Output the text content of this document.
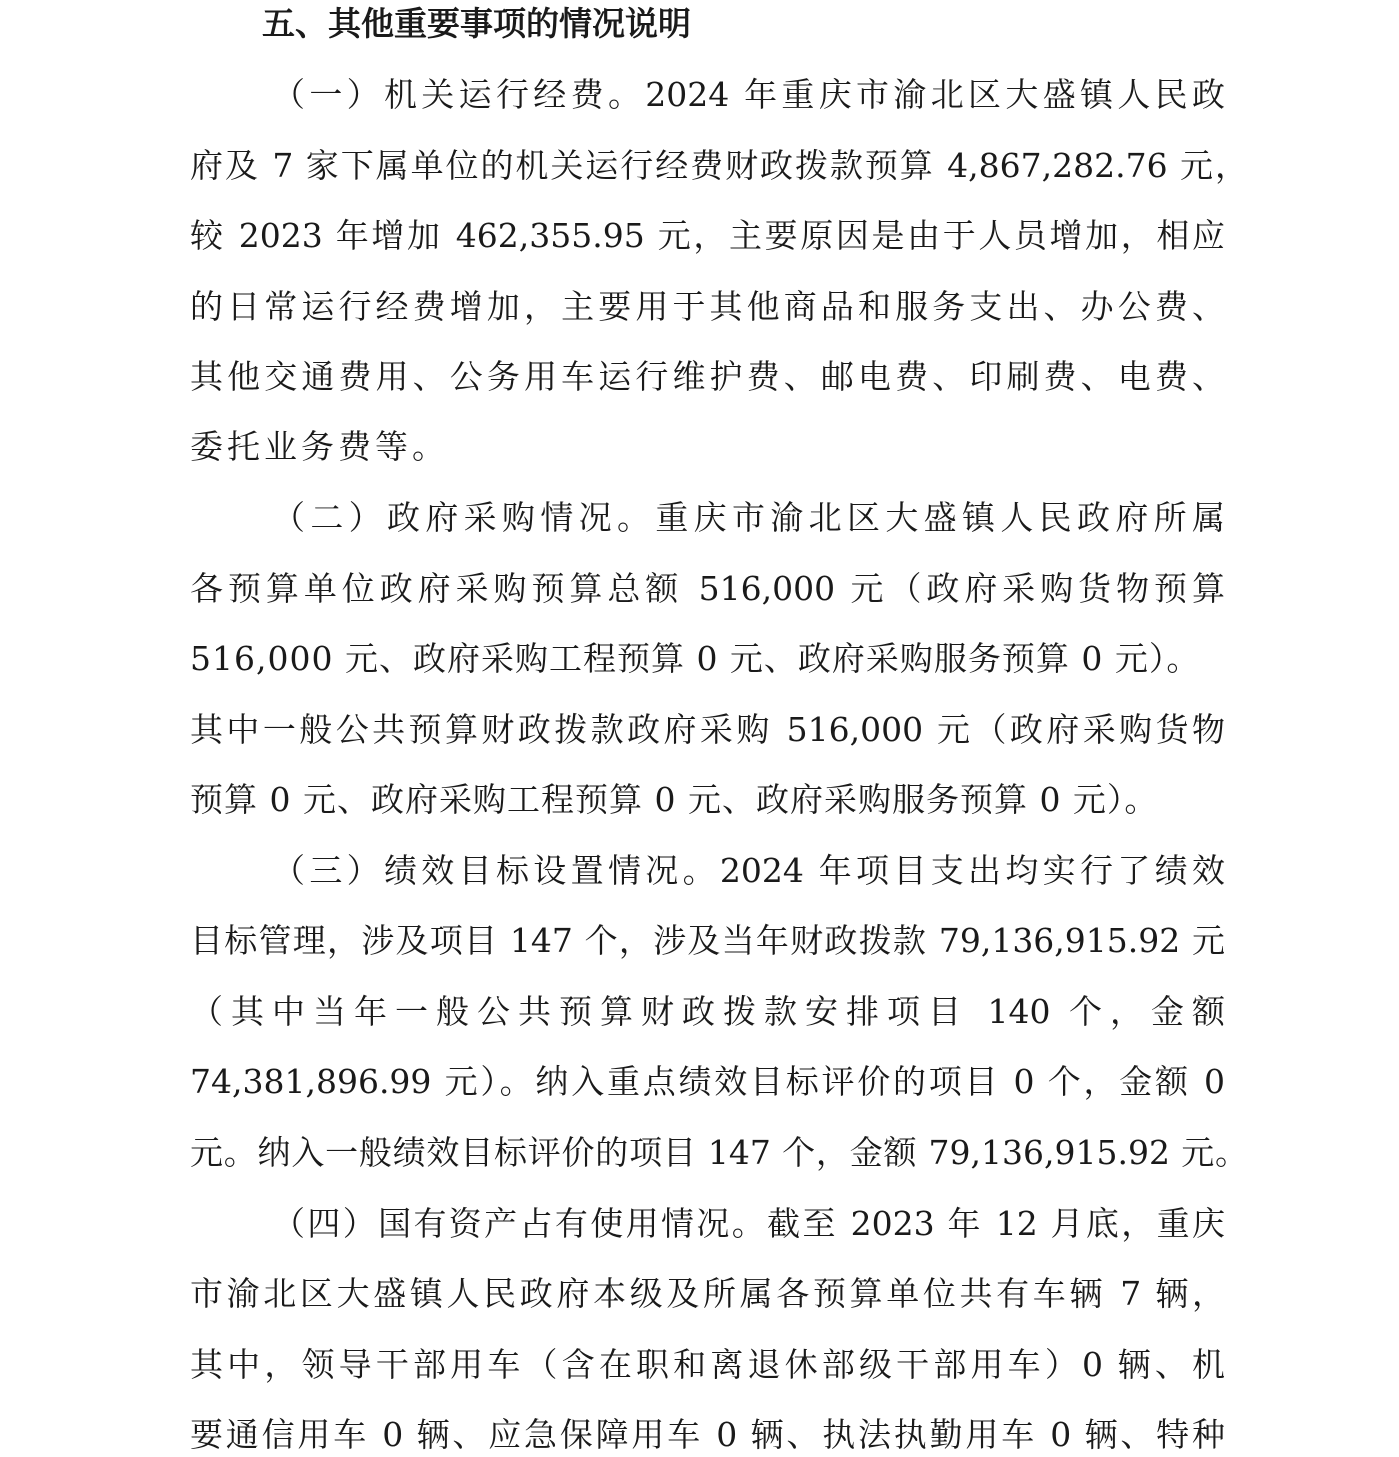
五、其他重要事项的情况说明
（一）机关运行经费。2024 年重庆市渝北区大盛镇人民政
府及 7 家下属单位的机关运行经费财政拨款预算 4,867,282.76 元，
较 2023 年增加 462,355.95 元，主要原因是由于人员增加，相应
的日常运行经费增加，主要用于其他商品和服务支出、办公费、
其他交通费用、公务用车运行维护费、邮电费、印刷费、电费、
委托业务费等。
（二）政府采购情况。重庆市渝北区大盛镇人民政府所属
各预算单位政府采购预算总额 516,000 元（政府采购货物预算
516,000 元、政府采购工程预算 0 元、政府采购服务预算 0 元）。
其中一般公共预算财政拨款政府采购 516,000 元（政府采购货物
预算 0 元、政府采购工程预算 0 元、政府采购服务预算 0 元）。
（三）绩效目标设置情况。2024 年项目支出均实行了绩效
目标管理，涉及项目 147 个，涉及当年财政拨款 79,136,915.92 元
（其中当年一般公共预算财政拨款安排项目 140 个，金额
74,381,896.99 元）。纳入重点绩效目标评价的项目 0 个，金额 0
元。纳入一般绩效目标评价的项目 147 个，金额 79,136,915.92 元。
（四）国有资产占有使用情况。截至 2023 年 12 月底，重庆
市渝北区大盛镇人民政府本级及所属各预算单位共有车辆 7 辆，
其中，领导干部用车（含在职和离退休部级干部用车）0 辆、机
要通信用车 0 辆、应急保障用车 0 辆、执法执勤用车 0 辆、特种
